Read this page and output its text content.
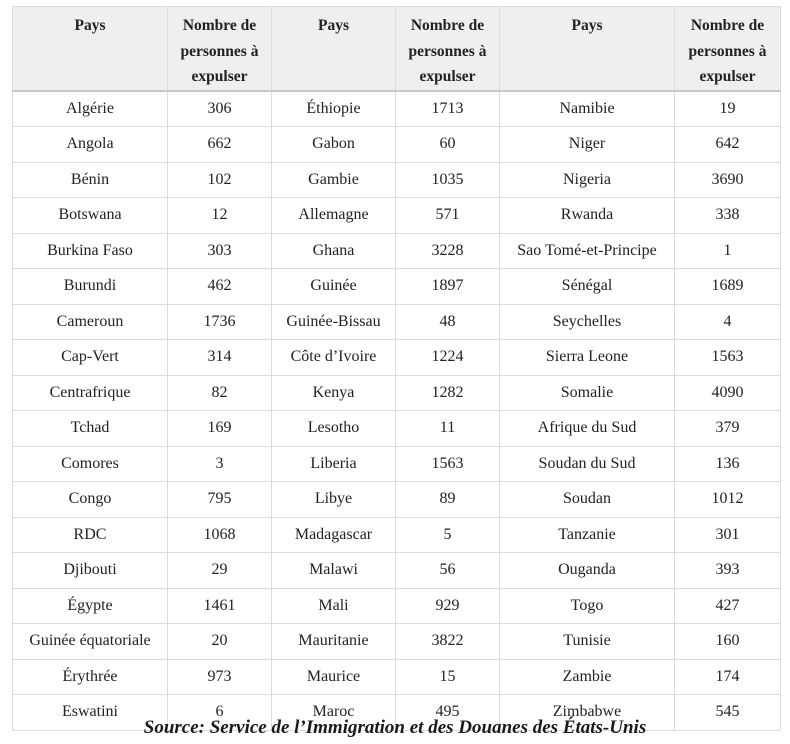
Pays	Nombre de personnes à expulser	Pays	Nombre de personnes à expulser	Pays	Nombre de personnes à expulser
Algérie	306	Éthiopie	1713	Namibie	19
Angola	662	Gabon	60	Niger	642
Bénin	102	Gambie	1035	Nigeria	3690
Botswana	12	Allemagne	571	Rwanda	338
Burkina Faso	303	Ghana	3228	Sao Tomé-et-Principe	1
Burundi	462	Guinée	1897	Sénégal	1689
Cameroun	1736	Guinée-Bissau	48	Seychelles	4
Cap-Vert	314	Côte d’Ivoire	1224	Sierra Leone	1563
Centrafrique	82	Kenya	1282	Somalie	4090
Tchad	169	Lesotho	11	Afrique du Sud	379
Comores	3	Liberia	1563	Soudan du Sud	136
Congo	795	Libye	89	Soudan	1012
RDC	1068	Madagascar	5	Tanzanie	301
Djibouti	29	Malawi	56	Ouganda	393
Égypte	1461	Mali	929	Togo	427
Guinée équatoriale	20	Mauritanie	3822	Tunisie	160
Érythrée	973	Maurice	15	Zambie	174
Eswatini	6	Maroc	495	Zimbabwe	545
Source: Service de l’Immigration et des Douanes des États-Unis
